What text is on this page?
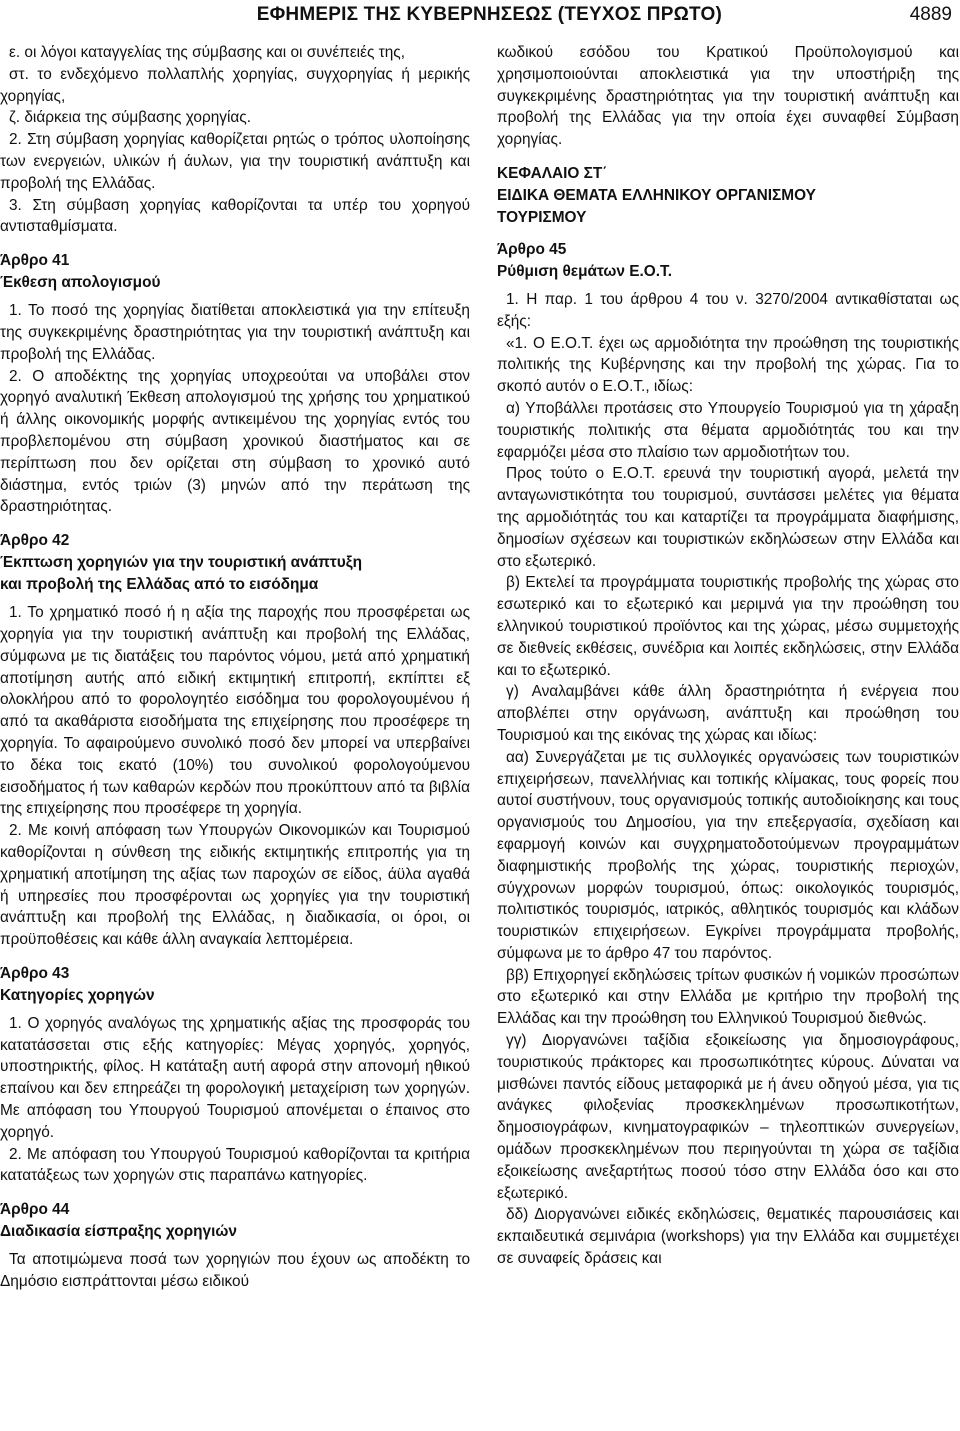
ΕΦΗΜΕΡΙΣ ΤΗΣ ΚΥΒΕΡΝΗΣΕΩΣ (ΤΕΥΧΟΣ ΠΡΩΤΟ)	4889

ε. οι λόγοι καταγγελίας της σύμβασης και οι συνέπειές της,

στ. το ενδεχόμενο πολλαπλής χορηγίας, συγχορηγίας ή μερικής χορηγίας,

ζ. διάρκεια της σύμβασης χορηγίας.

2. Στη σύμβαση χορηγίας καθορίζεται ρητώς ο τρόπος υλοποίησης των ενεργειών, υλικών ή άυλων, για την τουριστική ανάπτυξη και προβολή της Ελλάδας.

3. Στη σύμβαση χορηγίας καθορίζονται τα υπέρ του χορηγού αντισταθμίσματα.

Άρθρο 41

Έκθεση απολογισμού

1. Το ποσό της χορηγίας διατίθεται αποκλειστικά για την επίτευξη της συγκεκριμένης δραστηριότητας για την τουριστική ανάπτυξη και προβολή της Ελλάδας.

2. Ο αποδέκτης της χορηγίας υποχρεούται να υποβάλει στον χορηγό αναλυτική Έκθεση απολογισμού της χρήσης του χρηματικού ή άλλης οικονομικής μορφής αντικειμένου της χορηγίας εντός του προβλεπομένου στη σύμβαση χρονικού διαστήματος και σε περίπτωση που δεν ορίζεται στη σύμβαση το χρονικό αυτό διάστημα, εντός τριών (3) μηνών από την περάτωση της δραστηριότητας.

Άρθρο 42

Έκπτωση χορηγιών για την τουριστική ανάπτυξη

και προβολή της Ελλάδας από το εισόδημα

1. Το χρηματικό ποσό ή η αξία της παροχής που προσφέρεται ως χορηγία για την τουριστική ανάπτυξη και προβολή της Ελλάδας, σύμφωνα με τις διατάξεις του παρόντος νόμου, μετά από χρηματική αποτίμηση αυτής από ειδική εκτιμητική επιτροπή, εκπίπτει εξ ολοκλήρου από το φορολογητέο εισόδημα του φορολογουμένου ή από τα ακαθάριστα εισοδήματα της επιχείρησης που προσέφερε τη χορηγία. Το αφαιρούμενο συνολικό ποσό δεν μπορεί να υπερβαίνει το δέκα τοις εκατό (10%) του συνολικού φορολογούμενου εισοδήματος ή των καθαρών κερδών που προκύπτουν από τα βιβλία της επιχείρησης που προσέφερε τη χορηγία.

2. Με κοινή απόφαση των Υπουργών Οικονομικών και Τουρισμού καθορίζονται η σύνθεση της ειδικής εκτιμητικής επιτροπής για τη χρηματική αποτίμηση της αξίας των παροχών σε είδος, άϋλα αγαθά ή υπηρεσίες που προσφέρονται ως χορηγίες για την τουριστική ανάπτυξη και προβολή της Ελλάδας, η διαδικασία, οι όροι, οι προϋποθέσεις και κάθε άλλη αναγκαία λεπτομέρεια.

Άρθρο 43

Κατηγορίες χορηγών

1. Ο χορηγός αναλόγως της χρηματικής αξίας της προσφοράς του κατατάσσεται στις εξής κατηγορίες: Μέγας χορηγός, χορηγός, υποστηρικτής, φίλος. Η κατάταξη αυτή αφορά στην απονομή ηθικού επαίνου και δεν επηρεάζει τη φορολογική μεταχείριση των χορηγών. Με απόφαση του Υπουργού Τουρισμού απονέμεται ο έπαινος στο χορηγό.

2. Με απόφαση του Υπουργού Τουρισμού καθορίζονται τα κριτήρια κατατάξεως των χορηγών στις παραπάνω κατηγορίες.

Άρθρο 44

Διαδικασία είσπραξης χορηγιών

Τα αποτιμώμενα ποσά των χορηγιών που έχουν ως αποδέκτη το Δημόσιο εισπράττονται μέσω ειδικού

κωδικού εσόδου του Κρατικού Προϋπολογισμού και χρησιμοποιούνται αποκλειστικά για την υποστήριξη της συγκεκριμένης δραστηριότητας για την τουριστική ανάπτυξη και προβολή της Ελλάδας για την οποία έχει συναφθεί Σύμβαση χορηγίας.

ΚΕΦΑΛΑΙΟ ΣΤ΄

ΕΙΔΙΚΑ ΘΕΜΑΤΑ ΕΛΛΗΝΙΚΟΥ ΟΡΓΑΝΙΣΜΟΥ

ΤΟΥΡΙΣΜΟΥ

Άρθρο 45

Ρύθμιση θεμάτων Ε.Ο.Τ.

1. Η παρ. 1 του άρθρου 4 του ν. 3270/2004 αντικαθίσταται ως εξής:

«1. Ο Ε.Ο.Τ. έχει ως αρμοδιότητα την προώθηση της τουριστικής πολιτικής της Κυβέρνησης και την προβολή της χώρας. Για το σκοπό αυτόν ο Ε.Ο.Τ., ιδίως:

α) Υποβάλλει προτάσεις στο Υπουργείο Τουρισμού για τη χάραξη τουριστικής πολιτικής στα θέματα αρμοδιότητάς του και την εφαρμόζει μέσα στο πλαίσιο των αρμοδιοτήτων του.

Προς τούτο ο Ε.Ο.Τ. ερευνά την τουριστική αγορά, μελετά την ανταγωνιστικότητα του τουρισμού, συντάσσει μελέτες για θέματα της αρμοδιότητάς του και καταρτίζει τα προγράμματα διαφήμισης, δημοσίων σχέσεων και τουριστικών εκδηλώσεων στην Ελλάδα και στο εξωτερικό.

β) Εκτελεί τα προγράμματα τουριστικής προβολής της χώρας στο εσωτερικό και το εξωτερικό και μεριμνά για την προώθηση του ελληνικού τουριστικού προϊόντος και της χώρας, μέσω συμμετοχής σε διεθνείς εκθέσεις, συνέδρια και λοιπές εκδηλώσεις, στην Ελλάδα και το εξωτερικό.

γ) Αναλαμβάνει κάθε άλλη δραστηριότητα ή ενέργεια που αποβλέπει στην οργάνωση, ανάπτυξη και προώθηση του Τουρισμού και της εικόνας της χώρας και ιδίως:

αα) Συνεργάζεται με τις συλλογικές οργανώσεις των τουριστικών επιχειρήσεων, πανελλήνιας και τοπικής κλίμακας, τους φορείς που αυτοί συστήνουν, τους οργανισμούς τοπικής αυτοδιοίκησης και τους οργανισμούς του Δημοσίου, για την επεξεργασία, σχεδίαση και εφαρμογή κοινών και συγχρηματοδοτούμενων προγραμμάτων διαφημιστικής προβολής της χώρας, τουριστικής περιοχών, σύγχρονων μορφών τουρισμού, όπως: οικολογικός τουρισμός, πολιτιστικός τουρισμός, ιατρικός, αθλητικός τουρισμός και κλάδων τουριστικών επιχειρήσεων. Εγκρίνει προγράμματα προβολής, σύμφωνα με το άρθρο 47 του παρόντος.

ββ) Επιχορηγεί εκδηλώσεις τρίτων φυσικών ή νομικών προσώπων στο εξωτερικό και στην Ελλάδα με κριτήριο την προβολή της Ελλάδας και την προώθηση του Ελληνικού Τουρισμού διεθνώς.

γγ) Διοργανώνει ταξίδια εξοικείωσης για δημοσιογράφους, τουριστικούς πράκτορες και προσωπικότητες κύρους. Δύναται να μισθώνει παντός είδους μεταφορικά με ή άνευ οδηγού μέσα, για τις ανάγκες φιλοξενίας προσκεκλημένων προσωπικοτήτων, δημοσιογράφων, κινηματογραφικών – τηλεοπτικών συνεργείων, ομάδων προσκεκλημένων που περιηγούνται τη χώρα σε ταξίδια εξοικείωσης ανεξαρτήτως ποσού τόσο στην Ελλάδα όσο και στο εξωτερικό.

δδ) Διοργανώνει ειδικές εκδηλώσεις, θεματικές παρουσιάσεις και εκπαιδευτικά σεμινάρια (workshops) για την Ελλάδα και συμμετέχει σε συναφείς δράσεις και
